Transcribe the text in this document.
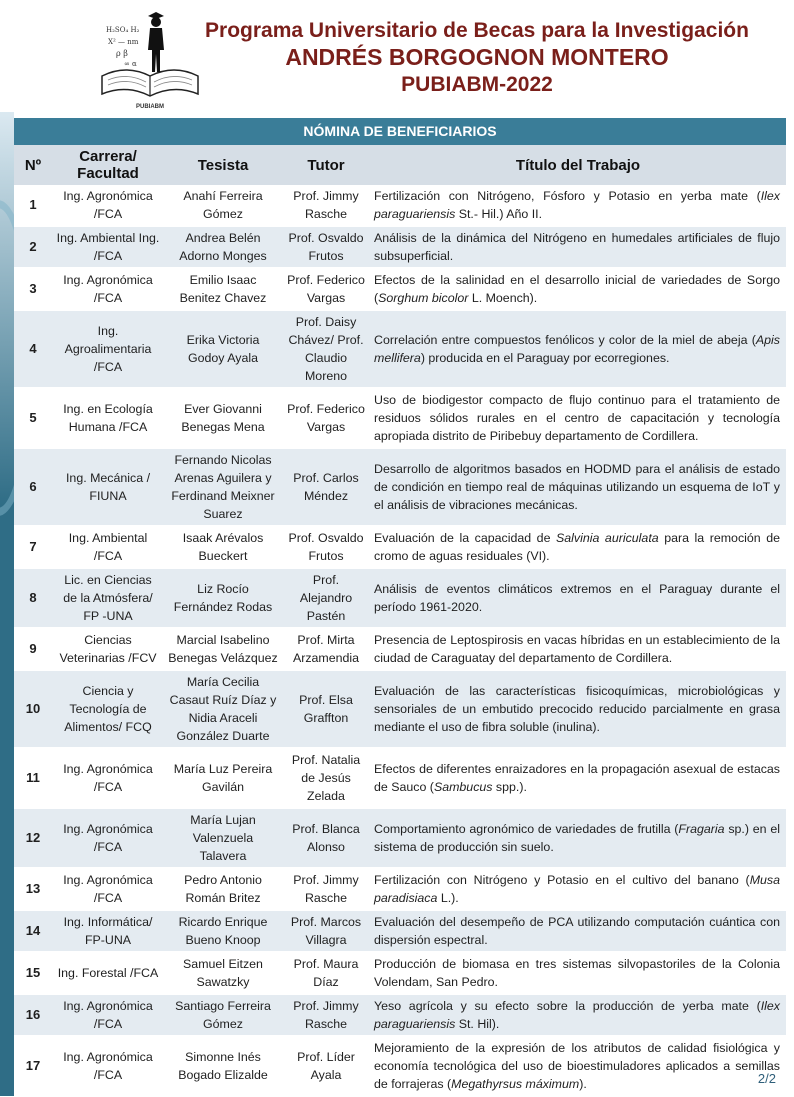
H₂SO₄ H₂
X² — nm
ρ β
∞ α
PUBIABM
Programa Universitario de Becas para la Investigación
ANDRÉS BORGOGNON MONTERO
PUBIABM-2022
NÓMINA DE BENEFICIARIOS
Nº	Carrera/ Facultad	Tesista	Tutor	Título del Trabajo
1	Ing. Agronómica /FCA	Anahí Ferreira Gómez	Prof. Jimmy Rasche	Fertilización con Nitrógeno, Fósforo y Potasio en yerba mate (Ilex paraguariensis St.- Hil.) Año II.
2	Ing. Ambiental Ing. /FCA	Andrea Belén Adorno Monges	Prof. Osvaldo Frutos	Análisis de la dinámica del Nitrógeno en humedales artificiales de flujo subsuperficial.
3	Ing. Agronómica /FCA	Emilio Isaac Benitez Chavez	Prof. Federico Vargas	Efectos de la salinidad en el desarrollo inicial de variedades de Sorgo (Sorghum bicolor L. Moench).
4	Ing. Agroalimentaria /FCA	Erika Victoria Godoy Ayala	Prof. Daisy Chávez/ Prof. Claudio Moreno	Correlación entre compuestos fenólicos y color de la miel de abeja (Apis mellifera) producida en el Paraguay por ecorregiones.
5	Ing. en Ecología Humana /FCA	Ever Giovanni Benegas Mena	Prof. Federico Vargas	Uso de biodigestor compacto de flujo continuo para el tratamiento de residuos sólidos rurales en el centro de capacitación y tecnología apropiada distrito de Piribebuy departamento de Cordillera.
6	Ing. Mecánica / FIUNA	Fernando Nicolas Arenas Aguilera y Ferdinand Meixner Suarez	Prof. Carlos Méndez	Desarrollo de algoritmos basados en HODMD para el análisis de estado de condición en tiempo real de máquinas utilizando un esquema de IoT y el análisis de vibraciones mecánicas.
7	Ing. Ambiental /FCA	Isaak Arévalos Bueckert	Prof. Osvaldo Frutos	Evaluación de la capacidad de Salvinia auriculata para la remoción de cromo de aguas residuales (VI).
8	Lic. en Ciencias de la Atmósfera/ FP -UNA	Liz Rocío Fernández Rodas	Prof. Alejandro Pastén	Análisis de eventos climáticos extremos en el Paraguay durante el período 1961-2020.
9	Ciencias Veterinarias /FCV	Marcial Isabelino Benegas Velázquez	Prof. Mirta Arzamendia	Presencia de Leptospirosis en vacas híbridas en un establecimiento de la ciudad de Caraguatay del departamento de Cordillera.
10	Ciencia y Tecnología de Alimentos/ FCQ	María Cecilia Casaut Ruíz Díaz y Nidia Araceli González Duarte	Prof. Elsa Graffton	Evaluación de las características fisicoquímicas, microbiológicas y sensoriales de un embutido precocido reducido parcialmente en grasa mediante el uso de fibra soluble (inulina).
11	Ing. Agronómica /FCA	María Luz Pereira Gavilán	Prof. Natalia de Jesús Zelada	Efectos de diferentes enraizadores en la propagación asexual de estacas de Sauco (Sambucus spp.).
12	Ing. Agronómica /FCA	María Lujan Valenzuela Talavera	Prof. Blanca Alonso	Comportamiento agronómico de variedades de frutilla (Fragaria sp.) en el sistema de producción sin suelo.
13	Ing. Agronómica /FCA	Pedro Antonio Román Britez	Prof. Jimmy Rasche	Fertilización con Nitrógeno y Potasio en el cultivo del banano (Musa paradisiaca L.).
14	Ing. Informática/ FP-UNA	Ricardo Enrique Bueno Knoop	Prof. Marcos Villagra	Evaluación del desempeño de PCA utilizando computación cuántica con dispersión espectral.
15	Ing. Forestal /FCA	Samuel Eitzen Sawatzky	Prof. Maura Díaz	Producción de biomasa en tres sistemas silvopastoriles de la Colonia Volendam, San Pedro.
16	Ing. Agronómica /FCA	Santiago Ferreira Gómez	Prof. Jimmy Rasche	Yeso agrícola y su efecto sobre la producción de yerba mate (Ilex paraguariensis St. Hil).
17	Ing. Agronómica /FCA	Simonne Inés Bogado Elizalde	Prof. Líder Ayala	Mejoramiento de la expresión de los atributos de calidad fisiológica y economía tecnológica del uso de bioestimuladores aplicados a semillas de forrajeras (Megathyrsus máximum).	2/2
